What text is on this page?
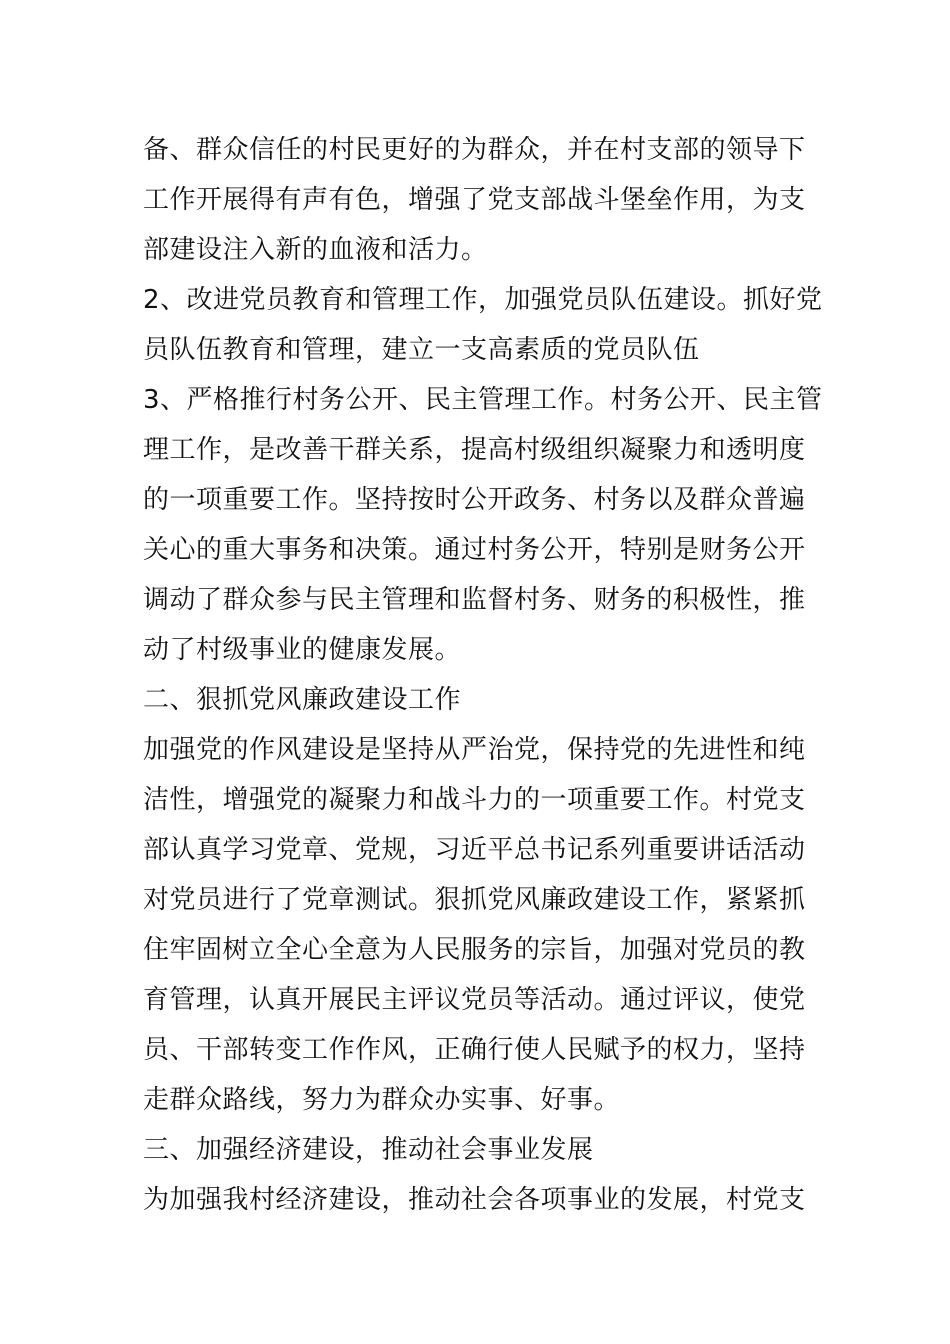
备、群众信任的村民更好的为群众，并在村支部的领导下
工作开展得有声有色，增强了党支部战斗堡垒作用，为支
部建设注入新的血液和活力。
2、改进党员教育和管理工作，加强党员队伍建设。抓好党
员队伍教育和管理，建立一支高素质的党员队伍
3、严格推行村务公开、民主管理工作。村务公开、民主管
理工作，是改善干群关系，提高村级组织凝聚力和透明度
的一项重要工作。坚持按时公开政务、村务以及群众普遍
关心的重大事务和决策。通过村务公开，特别是财务公开
调动了群众参与民主管理和监督村务、财务的积极性，推
动了村级事业的健康发展。
二、狠抓党风廉政建设工作
加强党的作风建设是坚持从严治党，保持党的先进性和纯
洁性，增强党的凝聚力和战斗力的一项重要工作。村党支
部认真学习党章、党规，习近平总书记系列重要讲话活动
对党员进行了党章测试。狠抓党风廉政建设工作，紧紧抓
住牢固树立全心全意为人民服务的宗旨，加强对党员的教
育管理，认真开展民主评议党员等活动。通过评议，使党
员、干部转变工作作风，正确行使人民赋予的权力，坚持
走群众路线，努力为群众办实事、好事。
三、加强经济建设，推动社会事业发展
为加强我村经济建设，推动社会各项事业的发展，村党支
